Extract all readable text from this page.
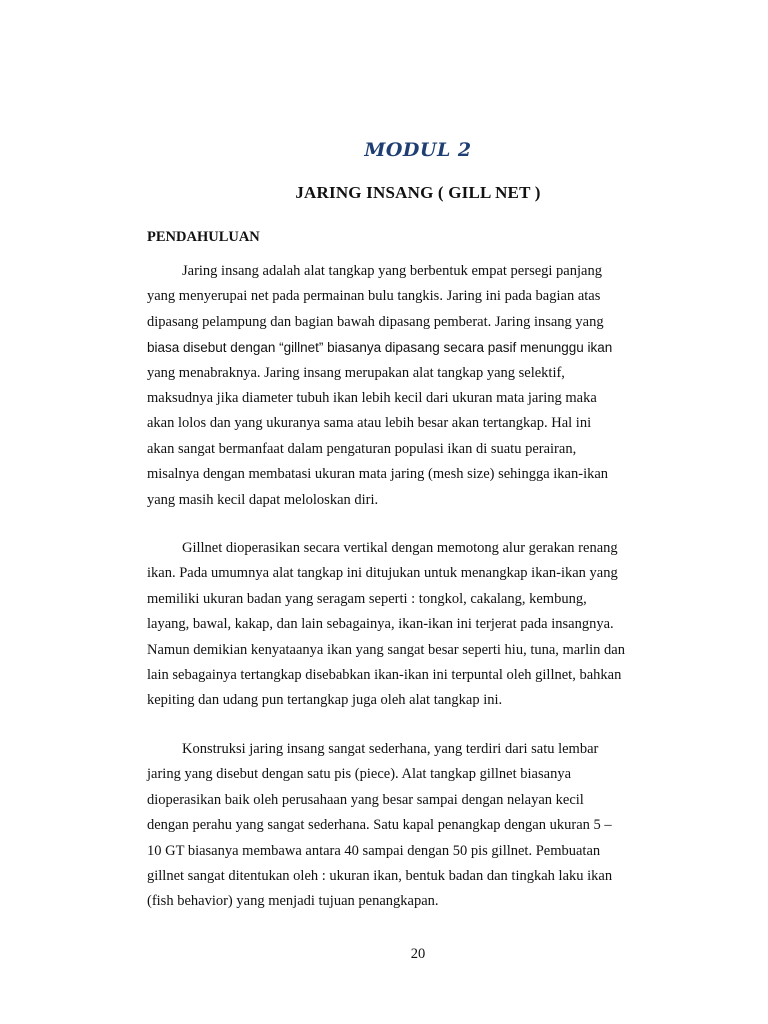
MODUL 2
JARING INSANG ( GILL NET )
PENDAHULUAN

Jaring insang adalah alat tangkap yang berbentuk empat persegi panjang
yang menyerupai net pada permainan bulu tangkis. Jaring ini pada bagian atas
dipasang pelampung dan bagian bawah dipasang pemberat. Jaring insang yang
biasa disebut dengan “gillnet” biasanya dipasang secara pasif menunggu ikan
yang menabraknya. Jaring insang merupakan alat tangkap yang selektif,
maksudnya jika diameter tubuh ikan lebih kecil dari ukuran mata jaring maka
akan lolos dan yang ukuranya sama atau lebih besar akan tertangkap. Hal ini
akan sangat bermanfaat dalam pengaturan populasi ikan di suatu perairan,
misalnya dengan membatasi ukuran mata jaring (mesh size) sehingga ikan-ikan
yang masih kecil dapat meloloskan diri.

Gillnet dioperasikan secara vertikal dengan memotong alur gerakan renang
ikan. Pada umumnya alat tangkap ini ditujukan untuk menangkap ikan-ikan yang
memiliki ukuran badan yang seragam seperti : tongkol, cakalang, kembung,
layang, bawal, kakap, dan lain sebagainya, ikan-ikan ini terjerat pada insangnya.
Namun demikian kenyataanya ikan yang sangat besar seperti hiu, tuna, marlin dan
lain sebagainya tertangkap disebabkan ikan-ikan ini terpuntal oleh gillnet, bahkan
kepiting dan udang pun tertangkap juga oleh alat tangkap ini.

Konstruksi jaring insang sangat sederhana, yang terdiri dari satu lembar
jaring yang disebut dengan satu pis (piece). Alat tangkap gillnet biasanya
dioperasikan baik oleh perusahaan yang besar sampai dengan nelayan kecil
dengan perahu yang sangat sederhana. Satu kapal penangkap dengan ukuran 5 –
10 GT biasanya membawa antara 40 sampai dengan 50 pis gillnet. Pembuatan
gillnet sangat ditentukan oleh : ukuran ikan, bentuk badan dan tingkah laku ikan
(fish behavior) yang menjadi tujuan penangkapan.

20
